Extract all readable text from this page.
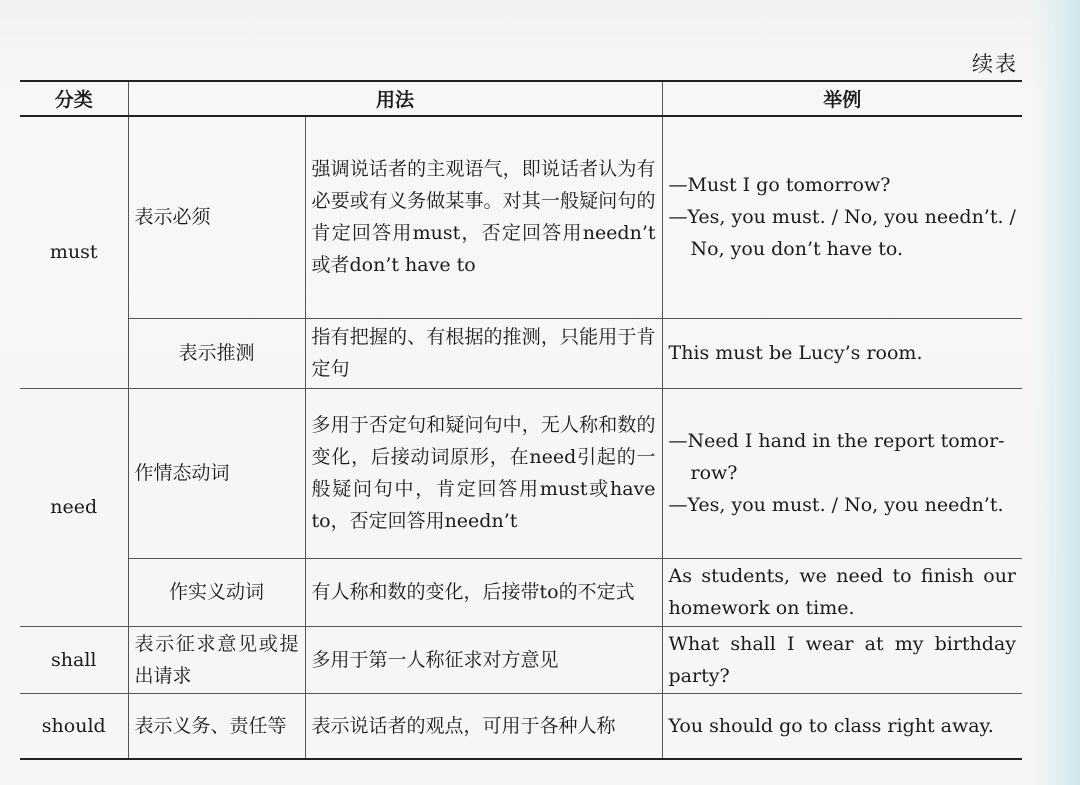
续表
分类	用法		举例
must	表示必须	强调说话者的主观语气，即说话者认为有必要或有义务做某事。对其一般疑问句的肯定回答用must，否定回答用needn’t或者don’t have to	—Must I go tomorrow?
—Yes, you must. / No, you needn’t. /
No, you don’t have to.

	表示推测	指有把握的、有根据的推测，只能用于肯定句	This must be Lucy’s room.
need	作情态动词	多用于否定句和疑问句中，无人称和数的变化，后接动词原形，在need引起的一般疑问句中，肯定回答用must或have to，否定回答用needn’t	—Need I hand in the report tomor-
row?
—Yes, you must. / No, you needn’t.

	作实义动词	有人称和数的变化，后接带to的不定式	As students, we need to finish our homework on time.
shall	表示征求意见或提出请求	多用于第一人称征求对方意见	What shall I wear at my birthday party?
should	表示义务、责任等	表示说话者的观点，可用于各种人称	You should go to class right away.
